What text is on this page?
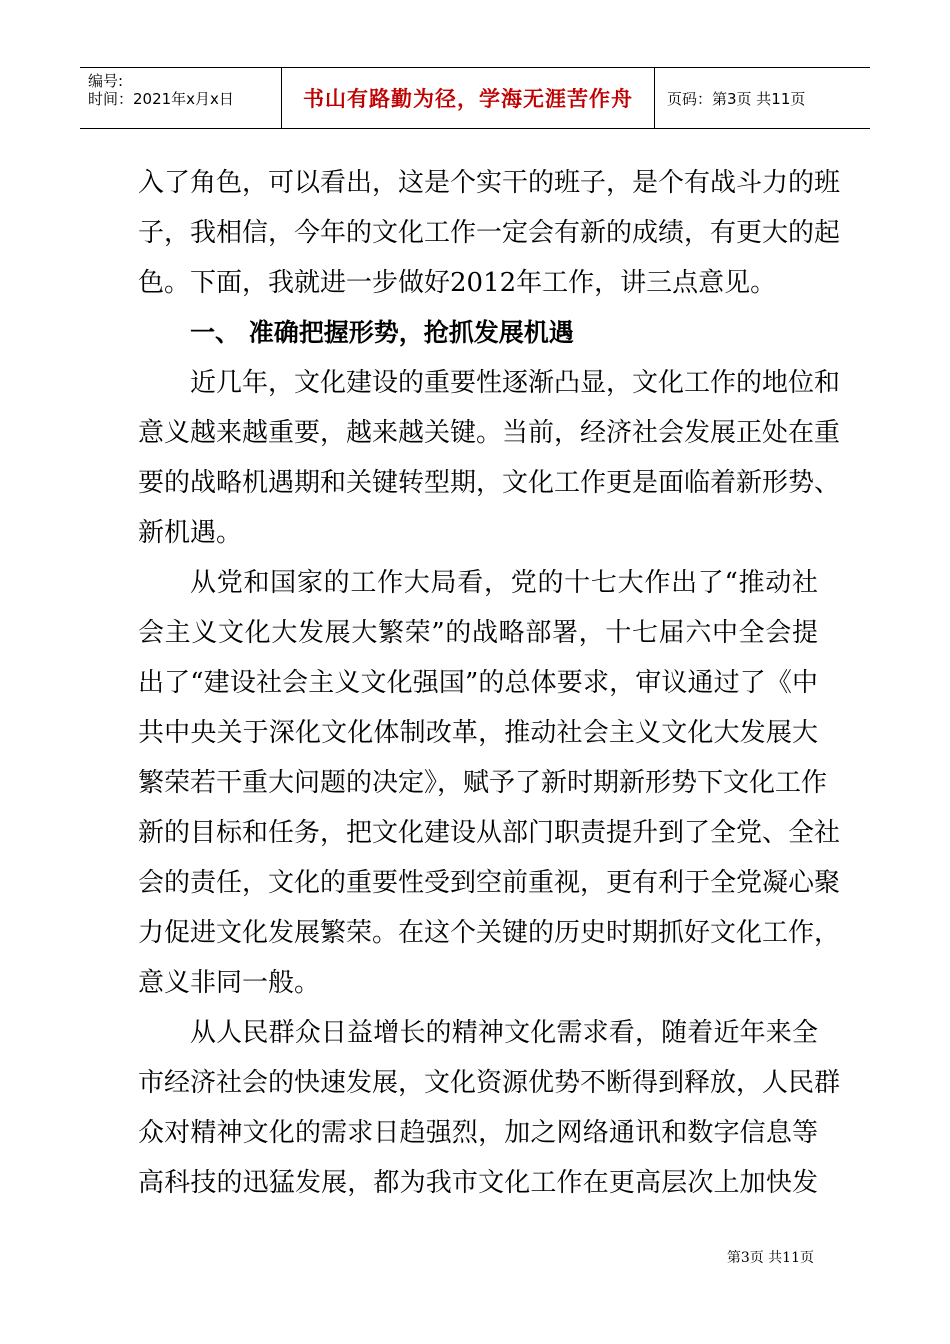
编号:
时间：2021年x月x日	书山有路勤为径，学海无涯苦作舟 页码：第3页 共11页
入了角色，可以看出，这是个实干的班子，是个有战斗力的班
子，我相信，今年的文化工作一定会有新的成绩，有更大的起
色。下面，我就进一步做好2012年工作，讲三点意见。
一、 准确把握形势，抢抓发展机遇
近几年，文化建设的重要性逐渐凸显，文化工作的地位和
意义越来越重要，越来越关键。当前，经济社会发展正处在重
要的战略机遇期和关键转型期，文化工作更是面临着新形势、
新机遇。
从党和国家的工作大局看，党的十七大作出了“推动社
会主义文化大发展大繁荣”的战略部署，十七届六中全会提
出了“建设社会主义文化强国”的总体要求，审议通过了《中
共中央关于深化文化体制改革，推动社会主义文化大发展大
繁荣若干重大问题的决定》，赋予了新时期新形势下文化工作
新的目标和任务，把文化建设从部门职责提升到了全党、全社
会的责任，文化的重要性受到空前重视，更有利于全党凝心聚
力促进文化发展繁荣。在这个关键的历史时期抓好文化工作，
意义非同一般。
从人民群众日益增长的精神文化需求看，随着近年来全
市经济社会的快速发展，文化资源优势不断得到释放，人民群
众对精神文化的需求日趋强烈，加之网络通讯和数字信息等
高科技的迅猛发展，都为我市文化工作在更高层次上加快发
第3页 共11页
